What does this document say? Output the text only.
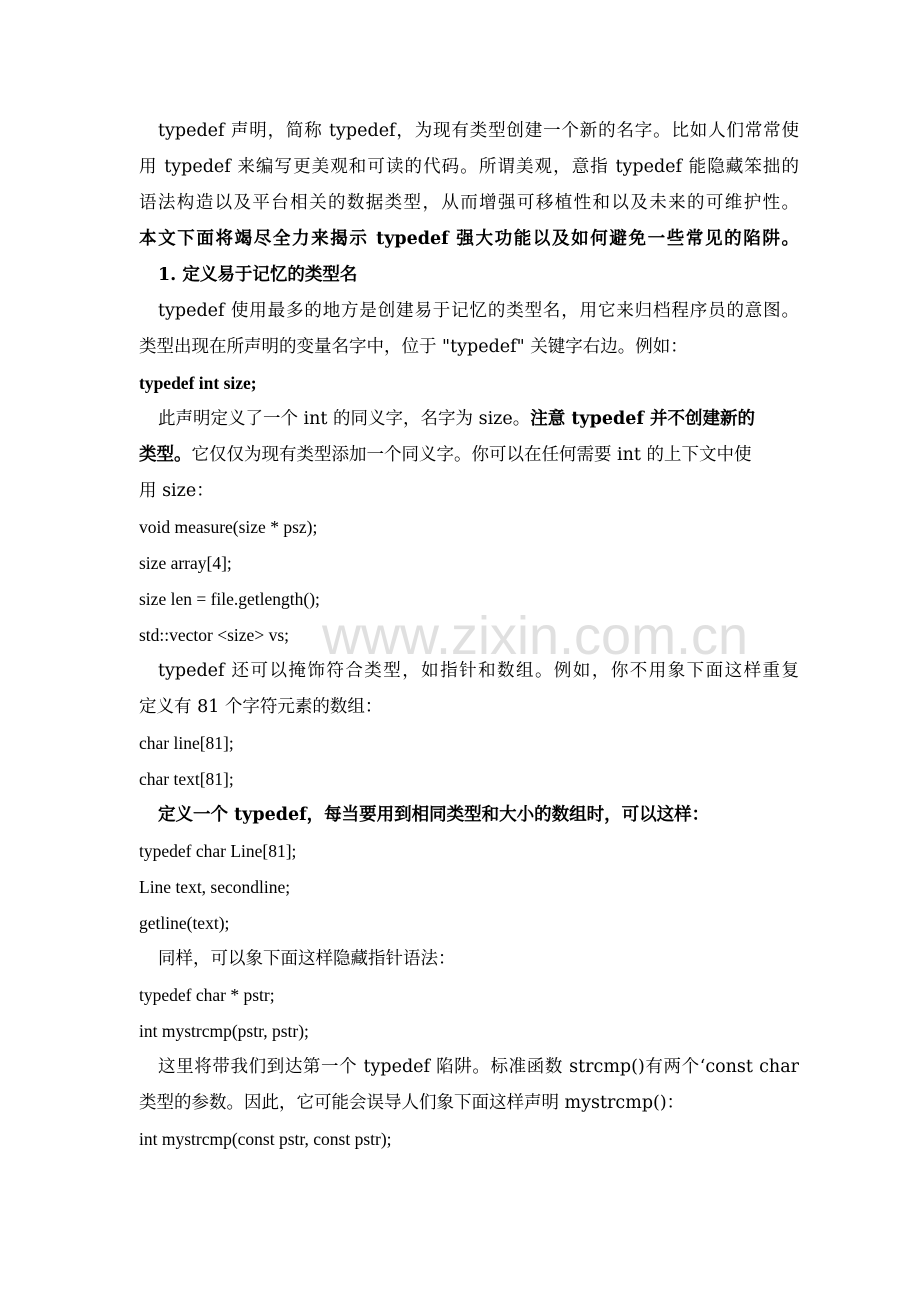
typedef 声明，简称 typedef，为现有类型创建一个新的名字。比如人们常常使
用 typedef 来编写更美观和可读的代码。所谓美观，意指 typedef 能隐藏笨拙的
语法构造以及平台相关的数据类型，从而增强可移植性和以及未来的可维护性。
本文下面将竭尽全力来揭示 typedef 强大功能以及如何避免一些常见的陷阱。
1. 定义易于记忆的类型名
typedef 使用最多的地方是创建易于记忆的类型名，用它来归档程序员的意图。
类型出现在所声明的变量名字中，位于 "typedef" 关键字右边。例如：
typedef int size;
此声明定义了一个 int 的同义字，名字为 size。注意 typedef 并不创建新的
类型。它仅仅为现有类型添加一个同义字。你可以在任何需要 int 的上下文中使
用 size：
void measure(size * psz);
size array[4];
size len = file.getlength();
std::vector <size> vs;
typedef 还可以掩饰符合类型，如指针和数组。例如，你不用象下面这样重复
定义有 81 个字符元素的数组：
char line[81];
char text[81];
定义一个 typedef，每当要用到相同类型和大小的数组时，可以这样：
typedef char Line[81];
Line text, secondline;
getline(text);
同样，可以象下面这样隐藏指针语法：
typedef char * pstr;
int mystrcmp(pstr, pstr);
这里将带我们到达第一个 typedef 陷阱。标准函数 strcmp()有两个‘const char
类型的参数。因此，它可能会误导人们象下面这样声明 mystrcmp()：
int mystrcmp(const pstr, const pstr);
www.zixin.com.cn
